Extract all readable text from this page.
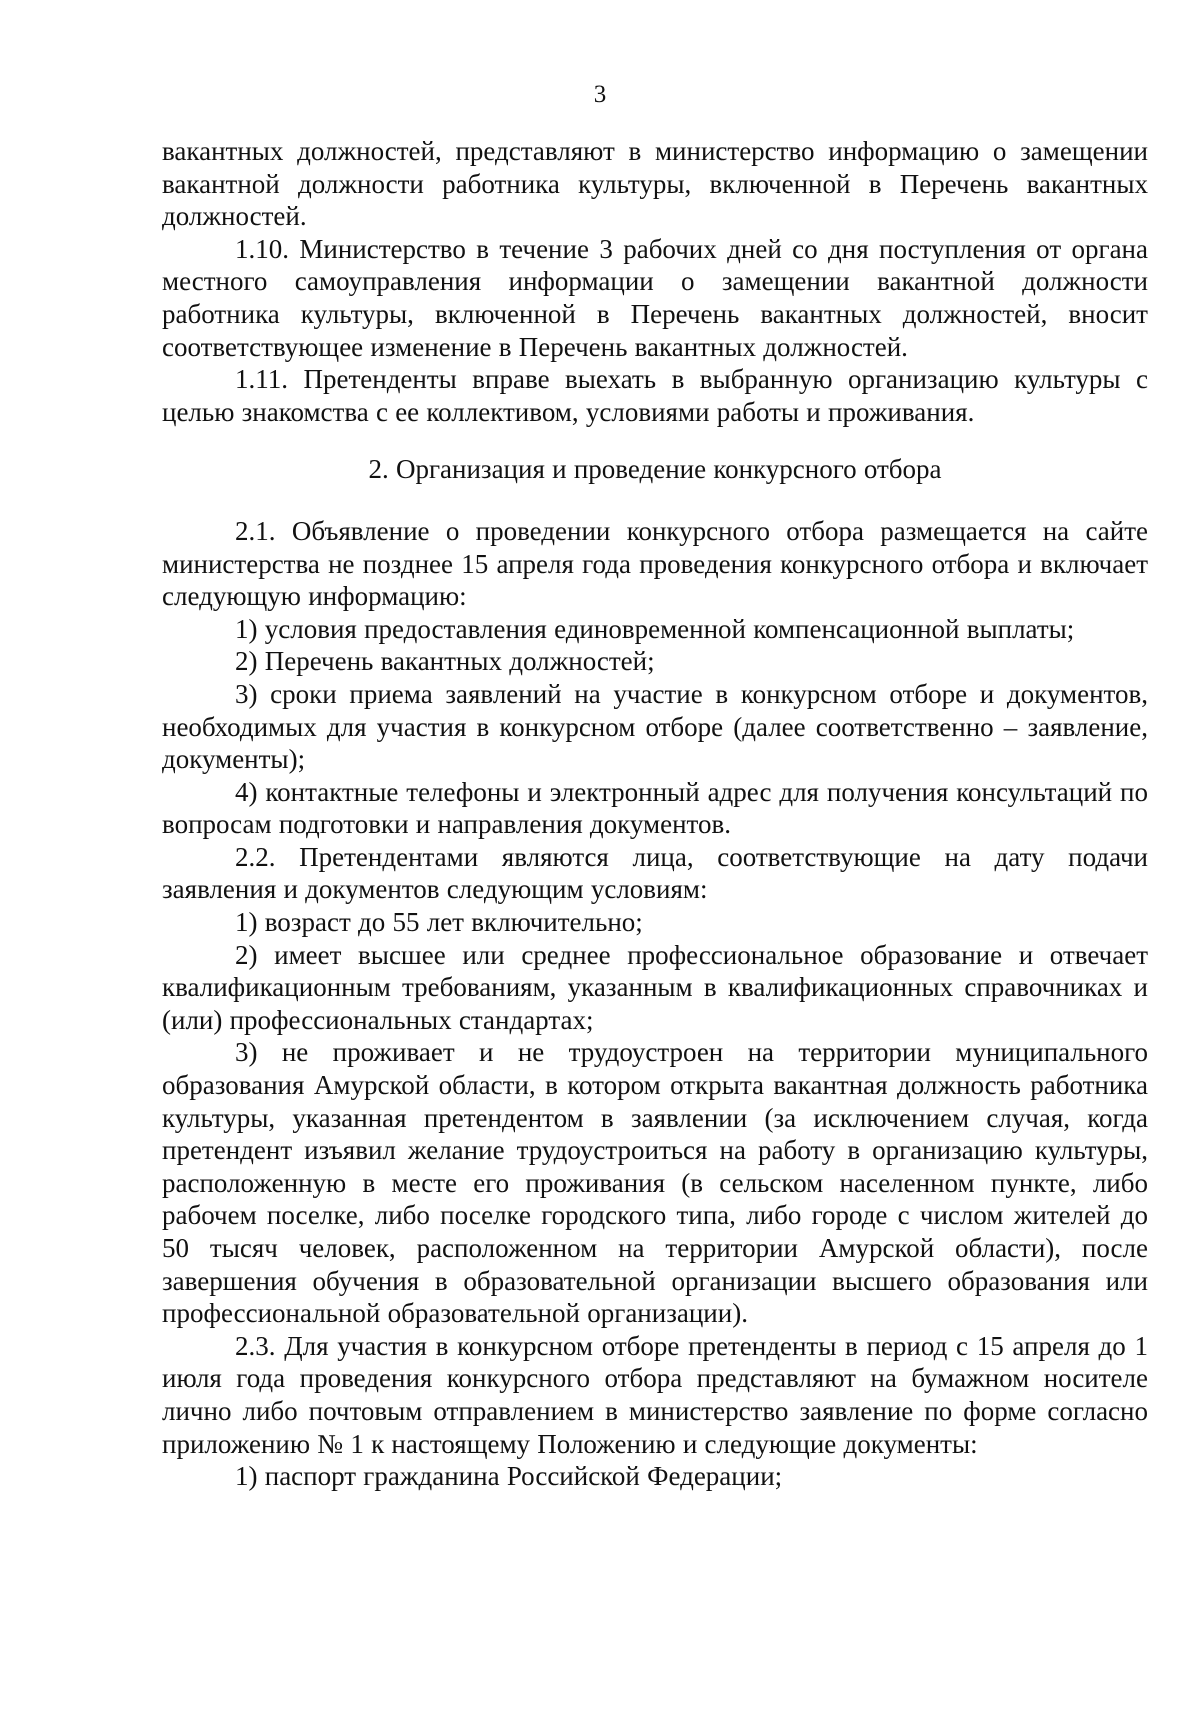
3

вакантных должностей, представляют в министерство информацию о замещении вакантной должности работника культуры, включенной в Перечень вакантных должностей.

1.10. Министерство в течение 3 рабочих дней со дня поступления от органа местного самоуправления информации о замещении вакантной должности работника культуры, включенной в Перечень вакантных должностей, вносит соответствующее изменение в Перечень вакантных должностей.

1.11. Претенденты вправе выехать в выбранную организацию культуры с целью знакомства с ее коллективом, условиями работы и проживания.

2. Организация и проведение конкурсного отбора

2.1. Объявление о проведении конкурсного отбора размещается на сайте министерства не позднее 15 апреля года проведения конкурсного отбора и включает следующую информацию:

1) условия предоставления единовременной компенсационной выплаты;

2) Перечень вакантных должностей;

3) сроки приема заявлений на участие в конкурсном отборе и документов, необходимых для участия в конкурсном отборе (далее соответственно – заявление, документы);

4) контактные телефоны и электронный адрес для получения консультаций по вопросам подготовки и направления документов.

2.2. Претендентами являются лица, соответствующие на дату подачи заявления и документов следующим условиям:

1) возраст до 55 лет включительно;

2) имеет высшее или среднее профессиональное образование и отвечает квалификационным требованиям, указанным в квалификационных справочниках и (или) профессиональных стандартах;

3) не проживает и не трудоустроен на территории муниципального образования Амурской области, в котором открыта вакантная должность работника культуры, указанная претендентом в заявлении (за исключением случая, когда претендент изъявил желание трудоустроиться на работу в организацию культуры, расположенную в месте его проживания (в сельском населенном пункте, либо рабочем поселке, либо поселке городского типа, либо городе с числом жителей до 50 тысяч человек, расположенном на территории Амурской области), после завершения обучения в образовательной организации высшего образования или профессиональной образовательной организации).

2.3. Для участия в конкурсном отборе претенденты в период с 15 апреля до 1 июля года проведения конкурсного отбора представляют на бумажном носителе лично либо почтовым отправлением в министерство заявление по форме согласно приложению № 1 к настоящему Положению и следующие документы:

1) паспорт гражданина Российской Федерации;
